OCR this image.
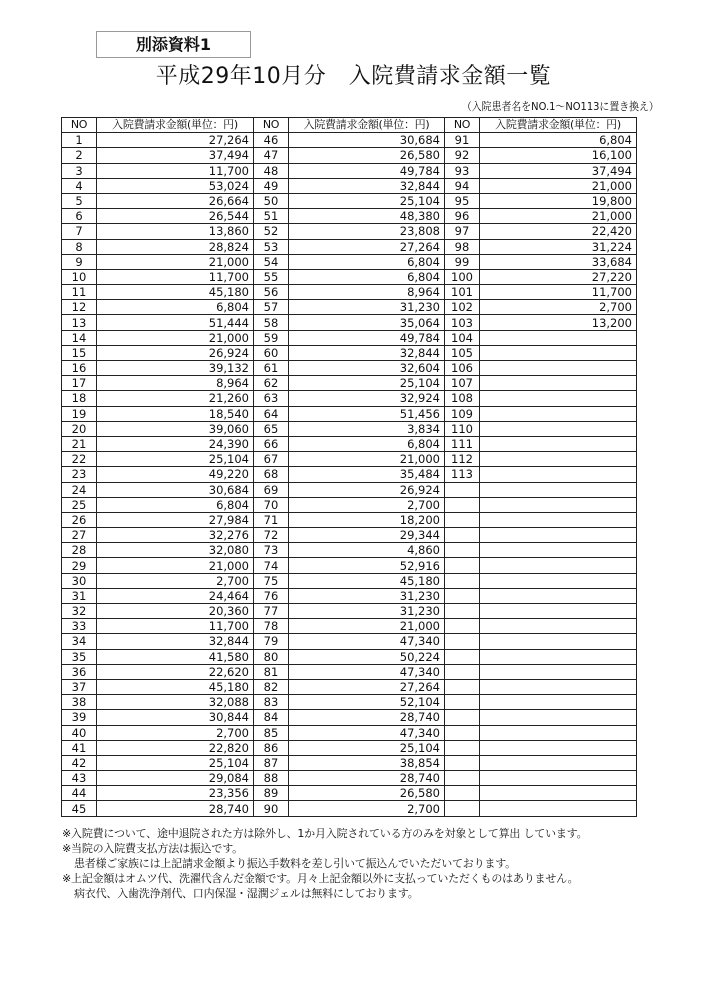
別添資料1
平成29年10月分　入院費請求金額一覧
（入院患者名をNO.1～NO113に置き換え）
NO	入院費請求金額(単位：円)	NO	入院費請求金額(単位：円)	NO	入院費請求金額(単位：円)
1	27,264	46	30,684	91	6,804
2	37,494	47	26,580	92	16,100
3	11,700	48	49,784	93	37,494
4	53,024	49	32,844	94	21,000
5	26,664	50	25,104	95	19,800
6	26,544	51	48,380	96	21,000
7	13,860	52	23,808	97	22,420
8	28,824	53	27,264	98	31,224
9	21,000	54	6,804	99	33,684
10	11,700	55	6,804	100	27,220
11	45,180	56	8,964	101	11,700
12	6,804	57	31,230	102	2,700
13	51,444	58	35,064	103	13,200
14	21,000	59	49,784	104	
15	26,924	60	32,844	105	
16	39,132	61	32,604	106	
17	8,964	62	25,104	107	
18	21,260	63	32,924	108	
19	18,540	64	51,456	109	
20	39,060	65	3,834	110	
21	24,390	66	6,804	111	
22	25,104	67	21,000	112	
23	49,220	68	35,484	113	
24	30,684	69	26,924		
25	6,804	70	2,700		
26	27,984	71	18,200		
27	32,276	72	29,344		
28	32,080	73	4,860		
29	21,000	74	52,916		
30	2,700	75	45,180		
31	24,464	76	31,230		
32	20,360	77	31,230		
33	11,700	78	21,000		
34	32,844	79	47,340		
35	41,580	80	50,224		
36	22,620	81	47,340		
37	45,180	82	27,264		
38	32,088	83	52,104		
39	30,844	84	28,740		
40	2,700	85	47,340		
41	22,820	86	25,104		
42	25,104	87	38,854		
43	29,084	88	28,740		
44	23,356	89	26,580		
45	28,740	90	2,700		
※入院費について、途中退院された方は除外し、1か月入院されている方のみを対象として算出 しています。
※当院の入院費支払方法は振込です。
患者様ご家族には上記請求金額より振込手数料を差し引いて振込んでいただいております。
※上記金額はオムツ代、洗濯代含んだ金額です。月々上記金額以外に支払っていただくものはありません。
病衣代、入歯洗浄剤代、口内保湿・湿潤ジェルは無料にしております。
